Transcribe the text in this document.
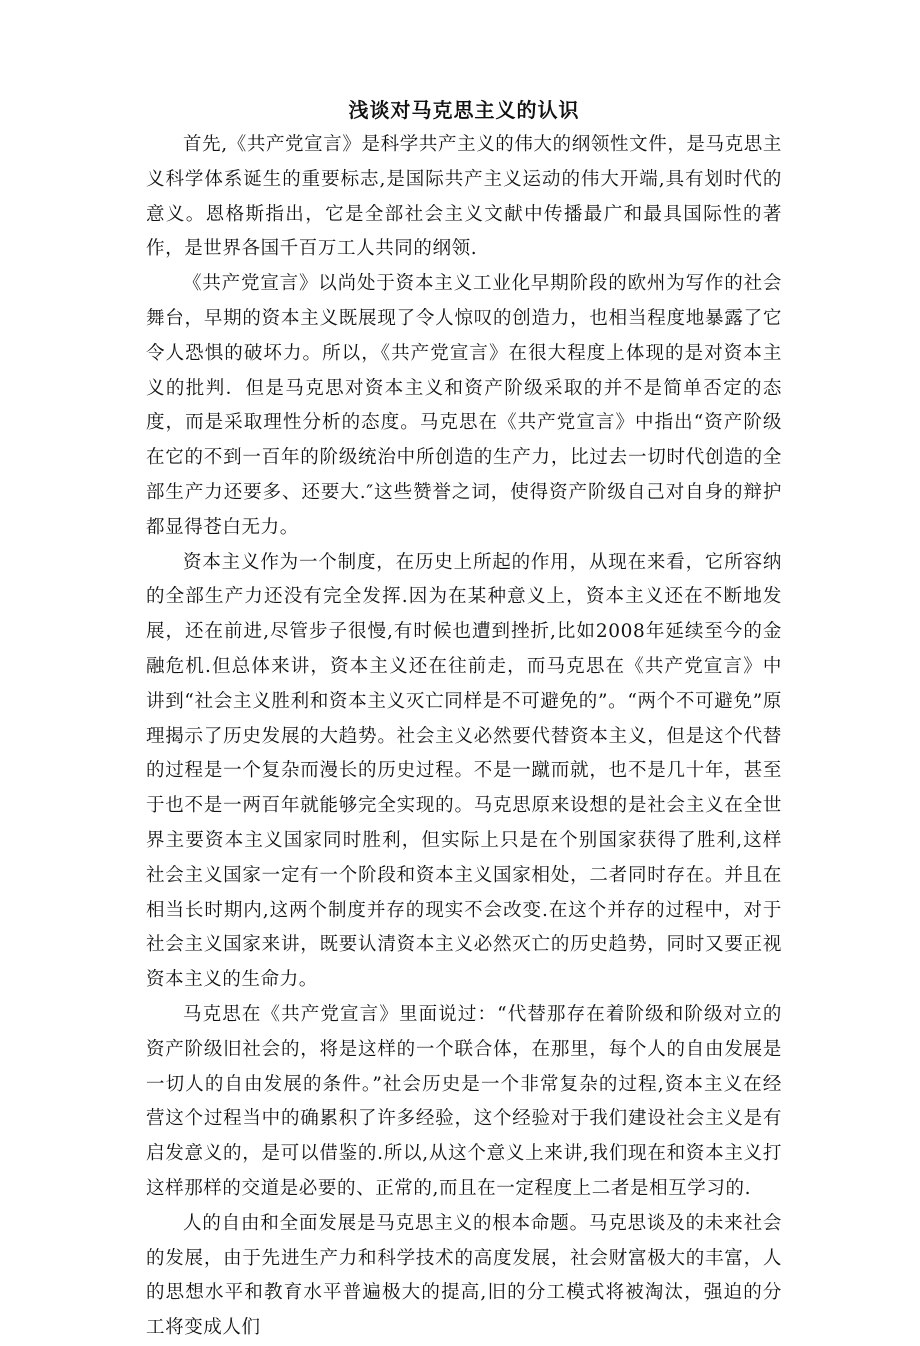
浅谈对马克思主义的认识

首先,《共产党宣言》是科学共产主义的伟大的纲领性文件，是马克思主义科学体系诞生的重要标志,是国际共产主义运动的伟大开端,具有划时代的意义。恩格斯指出，它是全部社会主义文献中传播最广和最具国际性的著作，是世界各国千百万工人共同的纲领.

《共产党宣言》以尚处于资本主义工业化早期阶段的欧州为写作的社会舞台，早期的资本主义既展现了令人惊叹的创造力，也相当程度地暴露了它令人恐惧的破坏力。所以，《共产党宣言》在很大程度上体现的是对资本主义的批判．但是马克思对资本主义和资产阶级采取的并不是简单否定的态度，而是采取理性分析的态度。马克思在《共产党宣言》中指出“资产阶级在它的不到一百年的阶级统治中所创造的生产力，比过去一切时代创造的全部生产力还要多、还要大.″这些赞誉之词，使得资产阶级自己对自身的辩护都显得苍白无力。

资本主义作为一个制度，在历史上所起的作用，从现在来看，它所容纳的全部生产力还没有完全发挥.因为在某种意义上，资本主义还在不断地发展，还在前进,尽管步子很慢,有时候也遭到挫折,比如2008年延续至今的金融危机.但总体来讲，资本主义还在往前走，而马克思在《共产党宣言》中讲到“社会主义胜利和资本主义灭亡同样是不可避免的”。“两个不可避免”原理揭示了历史发展的大趋势。社会主义必然要代替资本主义，但是这个代替的过程是一个复杂而漫长的历史过程。不是一蹴而就，也不是几十年，甚至于也不是一两百年就能够完全实现的。马克思原来设想的是社会主义在全世界主要资本主义国家同时胜利，但实际上只是在个别国家获得了胜利,这样社会主义国家一定有一个阶段和资本主义国家相处，二者同时存在。并且在相当长时期内,这两个制度并存的现实不会改变.在这个并存的过程中，对于社会主义国家来讲，既要认清资本主义必然灭亡的历史趋势，同时又要正视资本主义的生命力。

马克思在《共产党宣言》里面说过：“代替那存在着阶级和阶级对立的资产阶级旧社会的，将是这样的一个联合体，在那里，每个人的自由发展是一切人的自由发展的条件。”社会历史是一个非常复杂的过程,资本主义在经营这个过程当中的确累积了许多经验，这个经验对于我们建设社会主义是有启发意义的，是可以借鉴的.所以,从这个意义上来讲,我们现在和资本主义打这样那样的交道是必要的、正常的,而且在一定程度上二者是相互学习的.

人的自由和全面发展是马克思主义的根本命题。马克思谈及的未来社会的发展，由于先进生产力和科学技术的高度发展，社会财富极大的丰富，人的思想水平和教育水平普遍极大的提高,旧的分工模式将被淘汰，强迫的分工将变成人们
